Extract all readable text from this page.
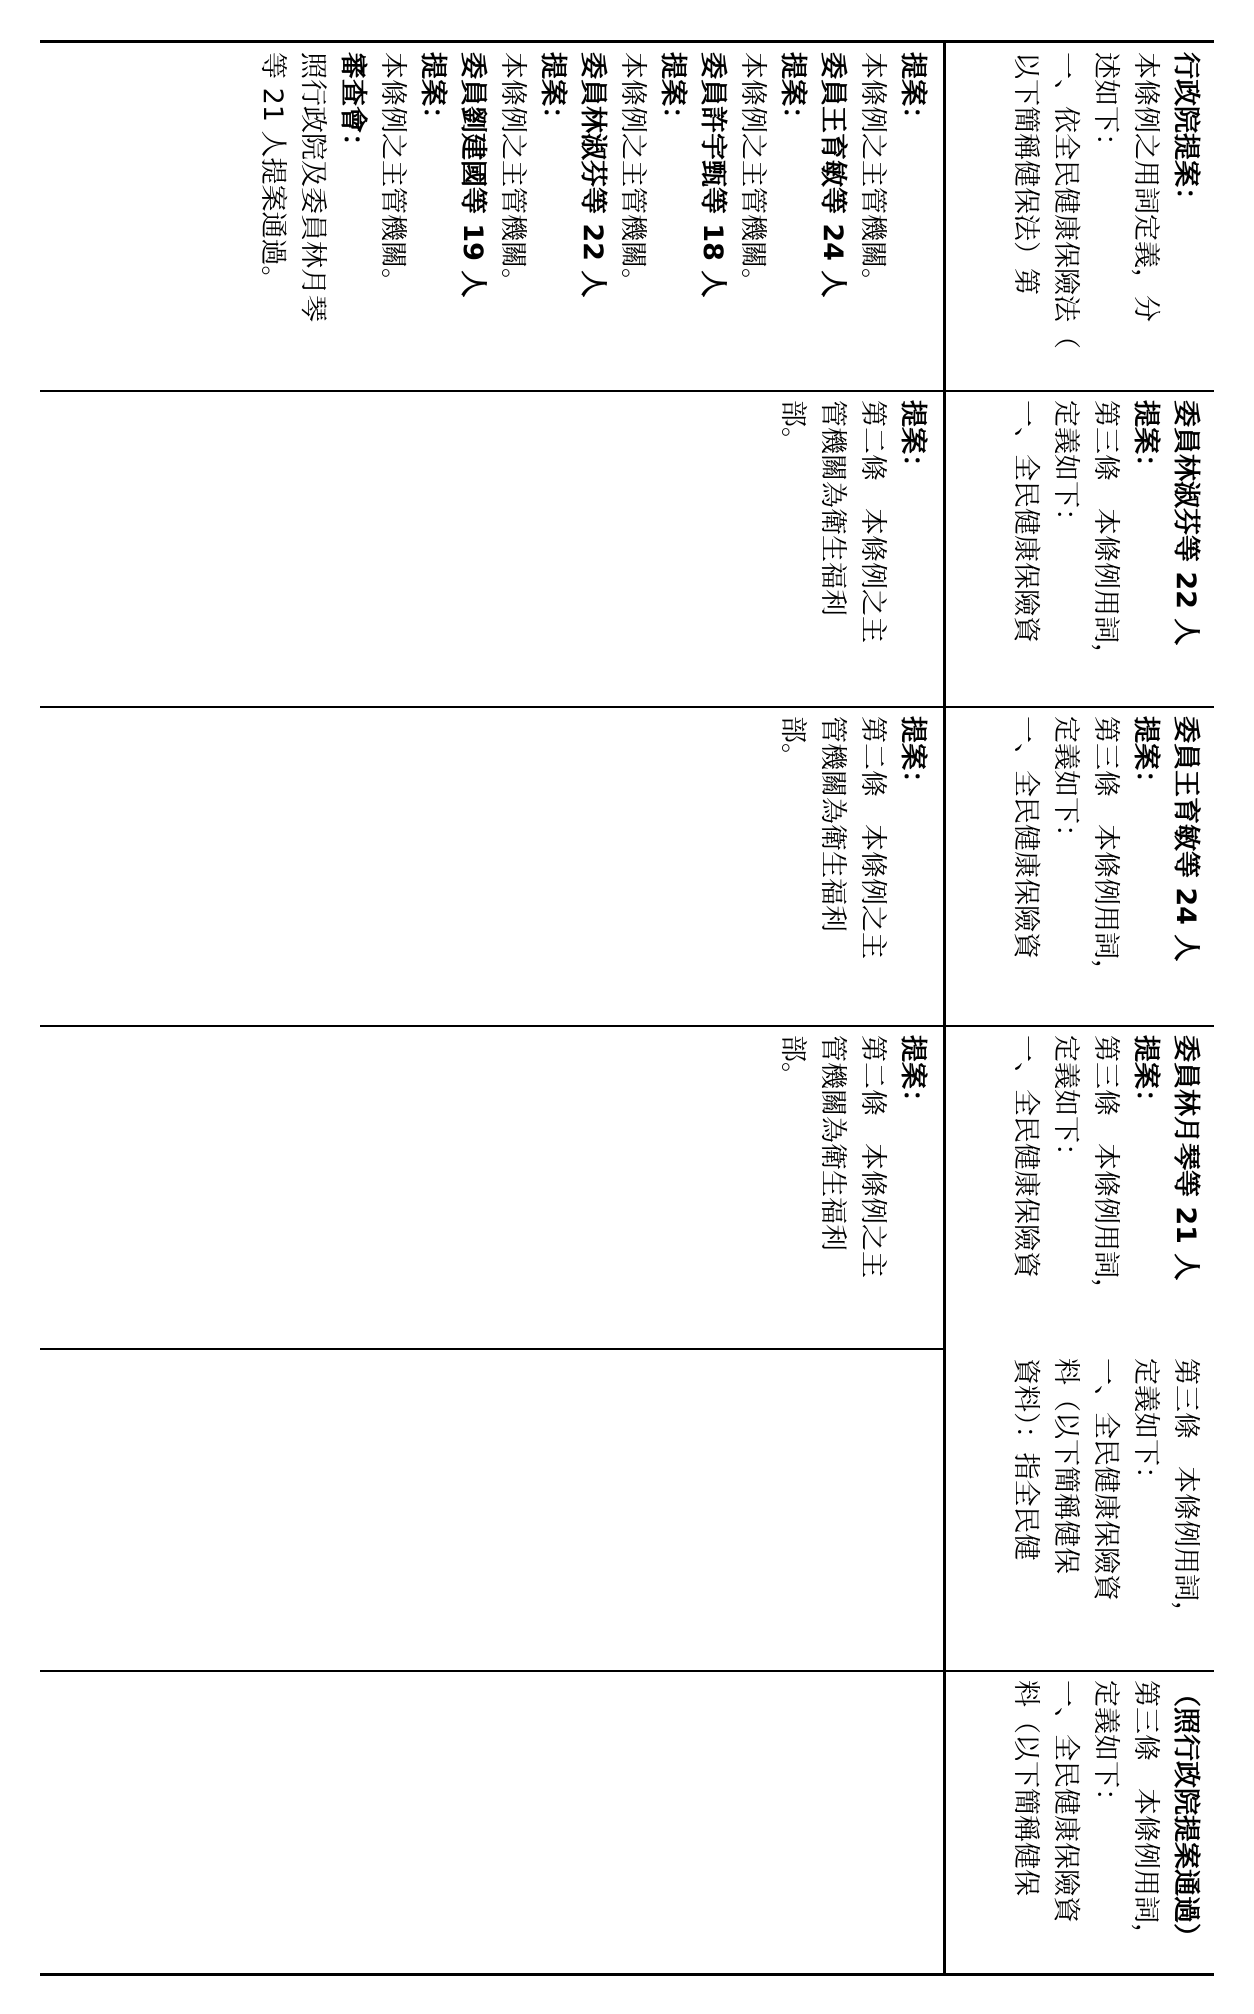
提案：
本條例之主管機關。
委員王育敏等 24 人
提案：
本條例之主管機關。
委員許宇甄等 18 人
提案：
本條例之主管機關。
委員林淑芬等 22 人
提案：
本條例之主管機關。
委員劉建國等 19 人
提案：
本條例之主管機關。
審查會：
照行政院及委員林月琴
等 21 人提案通過。
提案：
第二條　本條例之主
管機關為衛生福利
部。
提案：
第二條　本條例之主
管機關為衛生福利
部。
提案：
第二條　本條例之主
管機關為衛生福利
部。
行政院提案：
本條例之用詞定義，分
述如下：
一、依全民健康保險法（
以下簡稱健保法）第
委員林淑芬等 22 人
提案：
第三條　本條例用詞，
定義如下：
一、全民健康保險資
委員王育敏等 24 人
提案：
第三條　本條例用詞，
定義如下：
一、全民健康保險資
委員林月琴等 21 人
提案：
第三條　本條例用詞，
定義如下：
一、全民健康保險資
第三條　本條例用詞，
定義如下：
一、全民健康保險資
料（以下簡稱健保
資料）：指全民健
（照行政院提案通過）
第三條　本條例用詞，
定義如下：
一、全民健康保險資
料（以下簡稱健保
